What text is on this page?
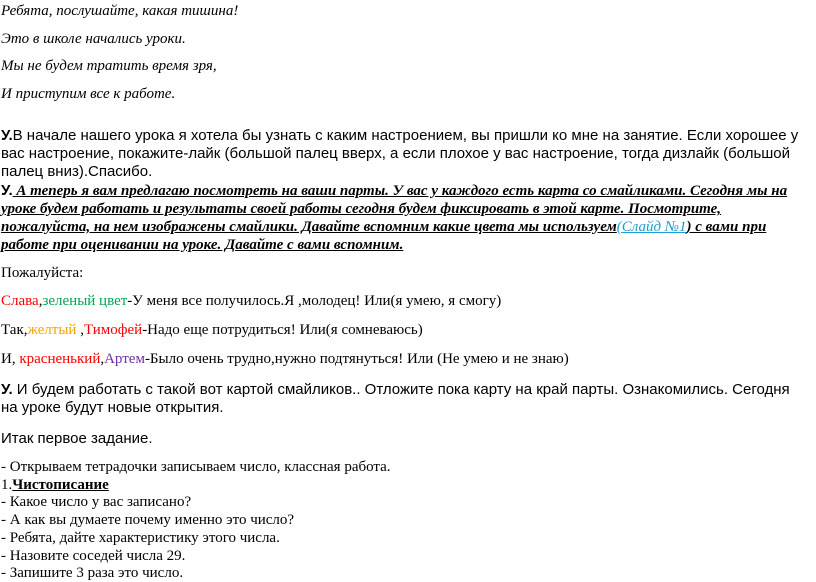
Ребята, послушайте, какая тишина!
Это в школе начались уроки.
Мы не будем тратить время зря,
И приступим все к работе.
У.В начале нашего урока я хотела бы узнать с каким настроением, вы пришли ко мне на занятие. Если хорошее у вас настроение, покажите-лайк (большой палец вверх, а если плохое у вас настроение, тогда дизлайк (большой палец вниз).Спасибо.
У. А теперь я вам предлагаю посмотреть на ваши парты. У вас у каждого есть карта со смайликами. Сегодня мы на уроке будем работать и результаты своей работы сегодня будем фиксировать в этой карте. Посмотрите, пожалуйста, на нем изображены смайлики. Давайте вспомним какие цвета мы используем(Слайд №1) с вами при работе при оценивании на уроке. Давайте с вами вспомним.
Пожалуйста:
Слава,зеленый цвет-У меня все получилось.Я ,молодец! Или(я умею, я смогу)
Так,желтый ,Тимофей-Надо еще потрудиться! Или(я сомневаюсь)
И, красненький,Артем-Было очень трудно,нужно подтянуться! Или (Не умею и не знаю)
У. И будем работать с такой вот картой смайликов.. Отложите пока карту на край парты. Ознакомились. Сегодня на уроке будут новые открытия.
Итак первое задание.
- Открываем тетрадочки записываем число, классная работа.
1.Чистописание
- Какое число у вас записано?
- А как вы думаете почему именно это число?
- Ребята, дайте характеристику этого числа.
- Назовите соседей числа 29.
- Запишите 3 раза это число.
